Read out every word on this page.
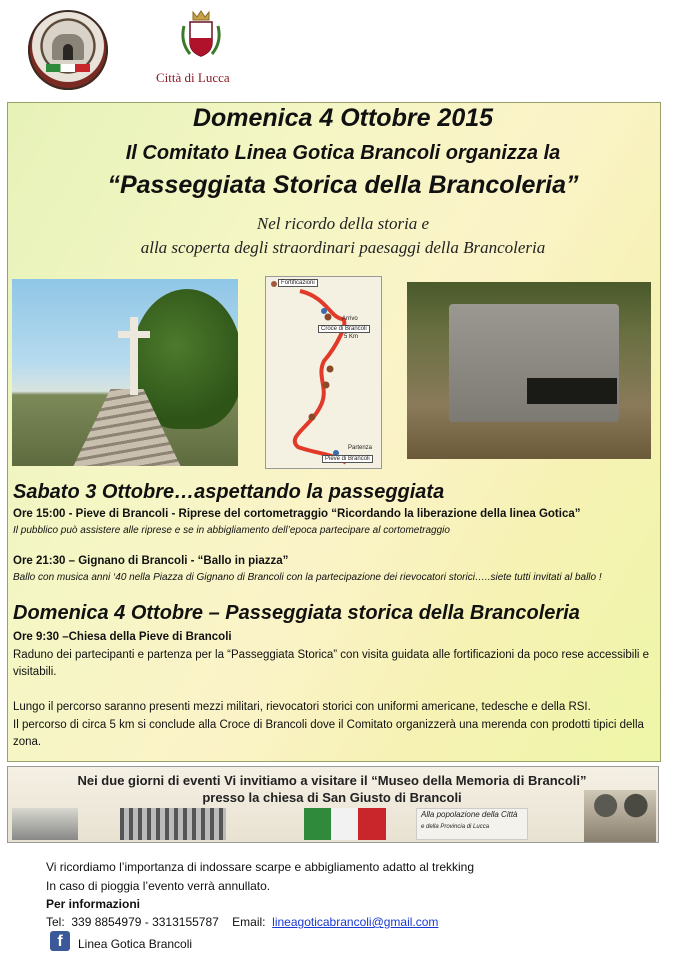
Città di Lucca
Domenica 4 Ottobre 2015
Il Comitato Linea Gotica Brancoli organizza la
“Passeggiata Storica della Brancoleria”
Nel ricordo della storia e
alla scoperta degli straordinari paesaggi della Brancoleria
Fortificazioni
Arrivo
Croce di Brancoli
5 Km
Partenza
Pieve di Brancoli
Sabato 3 Ottobre…aspettando la passeggiata
Ore 15:00 - Pieve di Brancoli - Riprese del cortometraggio “Ricordando la liberazione della linea Gotica”
Il pubblico può assistere alle riprese e se in abbigliamento dell’epoca partecipare al cortometraggio
Ore 21:30 – Gignano di Brancoli - “Ballo in piazza”
Ballo con musica anni ‘40 nella Piazza di Gignano di Brancoli con la partecipazione dei rievocatori storici…..siete tutti invitati al ballo !
Domenica 4 Ottobre – Passeggiata storica della Brancoleria
Ore 9:30 –Chiesa della Pieve di Brancoli
Raduno dei partecipanti e partenza per la “Passeggiata Storica” con visita guidata alle fortificazioni da poco rese accessibili e visitabili.
Lungo il percorso saranno presenti mezzi militari, rievocatori storici con uniformi americane, tedesche e della RSI.
Il percorso di circa 5 km si conclude alla Croce di Brancoli dove il Comitato organizzerà una merenda con prodotti tipici della zona.
Nei due giorni di eventi Vi invitiamo a visitare il “Museo della Memoria di Brancoli”
presso la chiesa di San Giusto di Brancoli
Alla popolazione della Città
e della Provincia di Lucca
Vi ricordiamo l’importanza di indossare scarpe e abbigliamento adatto al trekking
In caso di pioggia l’evento verrà annullato.
Per informazioni
Tel:  339 8854979 - 3313155787    Email:  lineagoticabrancoli@gmail.com
f	Linea Gotica Brancoli
